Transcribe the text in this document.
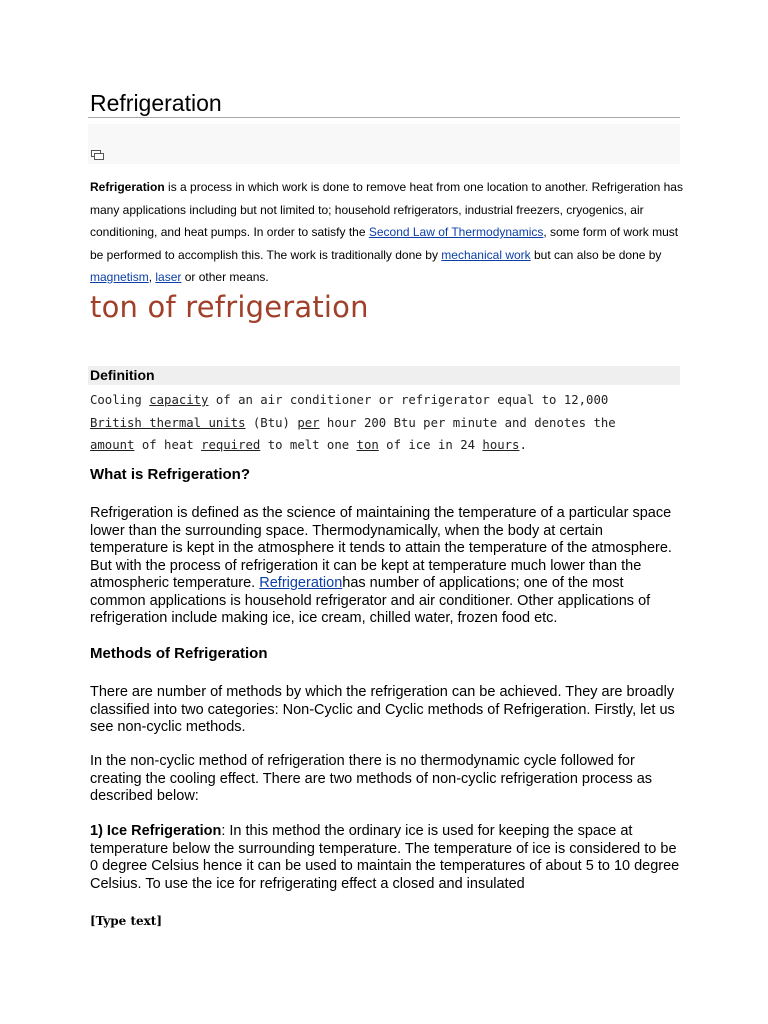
Refrigeration
Refrigeration is a process in which work is done to remove heat from one location to another. Refrigeration has many applications including but not limited to; household refrigerators, industrial freezers, cryogenics, air conditioning, and heat pumps. In order to satisfy the Second Law of Thermodynamics, some form of work must be performed to accomplish this. The work is traditionally done by mechanical work but can also be done by magnetism, laser or other means.
ton of refrigeration
Definition
Cooling capacity of an air conditioner or refrigerator equal to 12,000 British thermal units (Btu) per hour 200 Btu per minute and denotes the amount of heat required to melt one ton of ice in 24 hours.
What is Refrigeration?

Refrigeration is defined as the science of maintaining the temperature of a particular space lower than the surrounding space. Thermodynamically, when the body at certain temperature is kept in the atmosphere it tends to attain the temperature of the atmosphere. But with the process of refrigeration it can be kept at temperature much lower than the atmospheric temperature. Refrigerationhas number of applications; one of the most common applications is household refrigerator and air conditioner. Other applications of refrigeration include making ice, ice cream, chilled water, frozen food etc.

Methods of Refrigeration

There are number of methods by which the refrigeration can be achieved. They are broadly classified into two categories: Non-Cyclic and Cyclic methods of Refrigeration. Firstly, let us see non-cyclic methods.

In the non-cyclic method of refrigeration there is no thermodynamic cycle followed for creating the cooling effect. There are two methods of non-cyclic refrigeration process as described below:

1) Ice Refrigeration: In this method the ordinary ice is used for keeping the space at temperature below the surrounding temperature. The temperature of ice is considered to be 0 degree Celsius hence it can be used to maintain the temperatures of about 5 to 10 degree Celsius. To use the ice for refrigerating effect a closed and insulated

[Type text]
